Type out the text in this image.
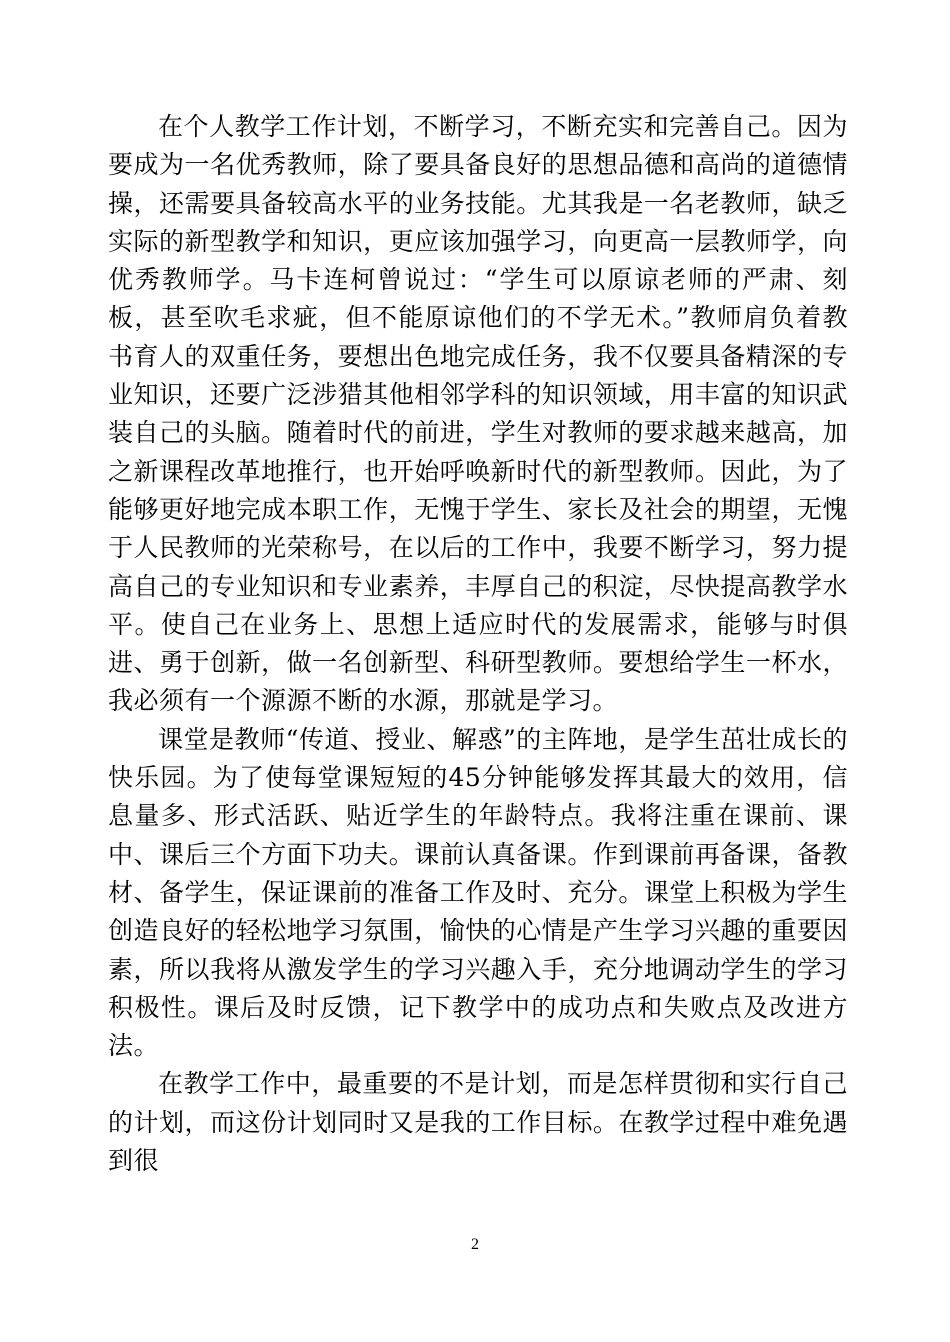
在个人教学工作计划，不断学习，不断充实和完善自己。因为要成为一名优秀教师，除了要具备良好的思想品德和高尚的道德情操，还需要具备较高水平的业务技能。尤其我是一名老教师，缺乏实际的新型教学和知识，更应该加强学习，向更高一层教师学，向优秀教师学。马卡连柯曾说过：“学生可以原谅老师的严肃、刻板，甚至吹毛求疵，但不能原谅他们的不学无术。”教师肩负着教书育人的双重任务，要想出色地完成任务，我不仅要具备精深的专业知识，还要广泛涉猎其他相邻学科的知识领域，用丰富的知识武装自己的头脑。随着时代的前进，学生对教师的要求越来越高，加之新课程改革地推行，也开始呼唤新时代的新型教师。因此，为了能够更好地完成本职工作，无愧于学生、家长及社会的期望，无愧于人民教师的光荣称号，在以后的工作中，我要不断学习，努力提高自己的专业知识和专业素养，丰厚自己的积淀，尽快提高教学水平。使自己在业务上、思想上适应时代的发展需求，能够与时俱进、勇于创新，做一名创新型、科研型教师。要想给学生一杯水，我必须有一个源源不断的水源，那就是学习。

课堂是教师“传道、授业、解惑”的主阵地，是学生茁壮成长的快乐园。为了使每堂课短短的45分钟能够发挥其最大的效用，信息量多、形式活跃、贴近学生的年龄特点。我将注重在课前、课中、课后三个方面下功夫。课前认真备课。作到课前再备课，备教材、备学生，保证课前的准备工作及时、充分。课堂上积极为学生创造良好的轻松地学习氛围，愉快的心情是产生学习兴趣的重要因素，所以我将从激发学生的学习兴趣入手，充分地调动学生的学习积极性。课后及时反馈，记下教学中的成功点和失败点及改进方法。

在教学工作中，最重要的不是计划，而是怎样贯彻和实行自己的计划，而这份计划同时又是我的工作目标。在教学过程中难免遇到很

2
